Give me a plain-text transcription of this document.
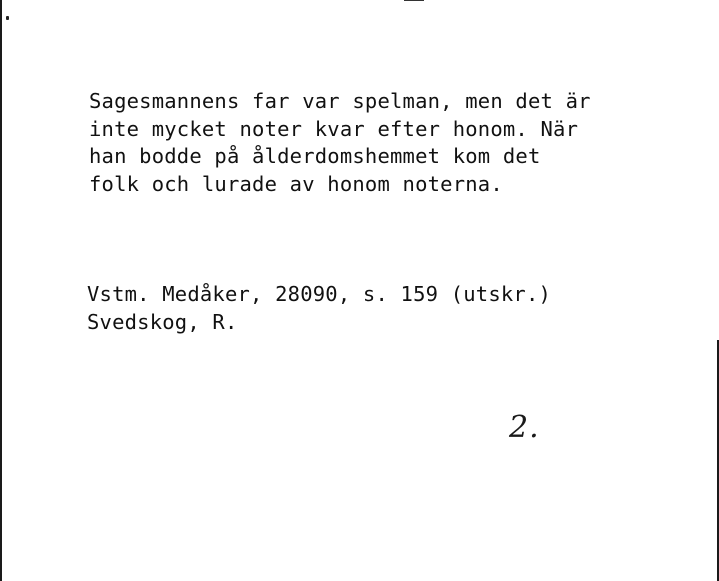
Sagesmannens far var spelman, men det är
inte mycket noter kvar efter honom. När
han bodde på ålderdomshemmet kom det
folk och lurade av honom noterna.
Vstm. Medåker, 28090, s. 159 (utskr.)
Svedskog, R.
2.
